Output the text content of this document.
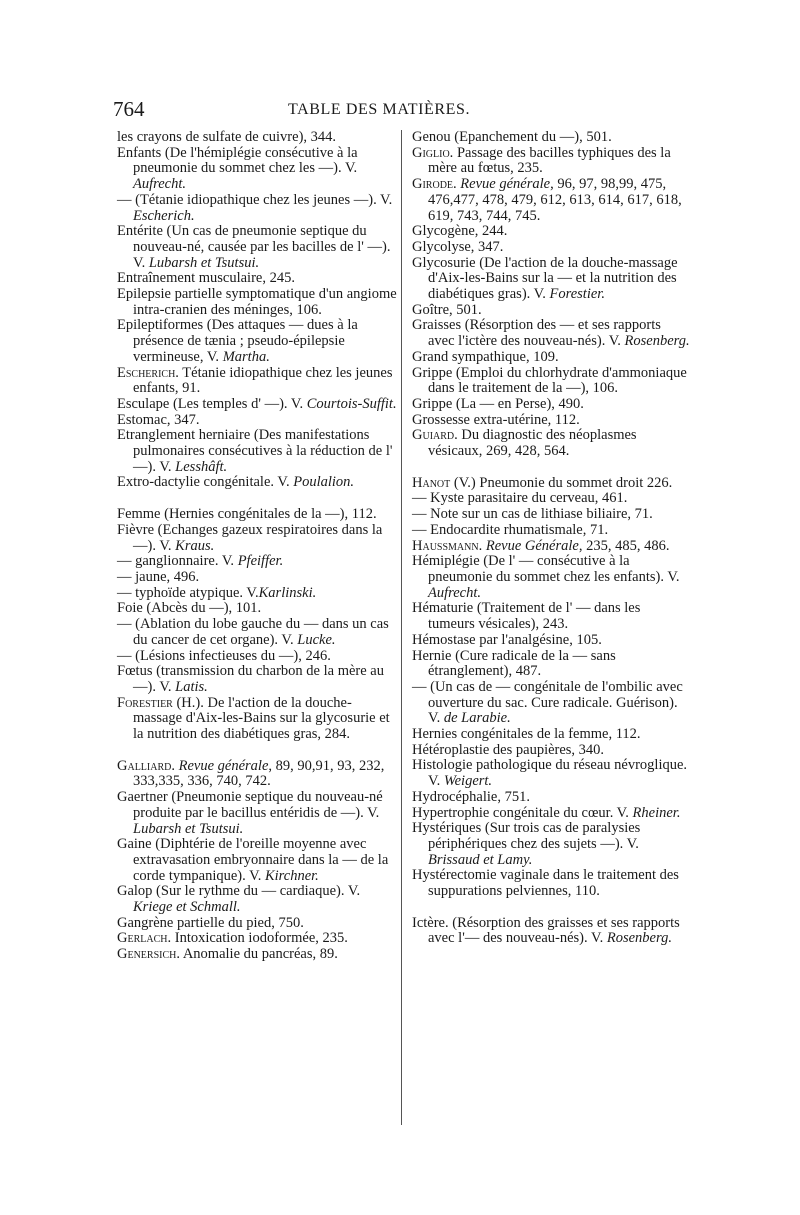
764	TABLE DES MATIÈRES.

les crayons de sulfate de cuivre), 344.

Enfants (De l'hémiplégie consécutive à la pneumonie du sommet chez les —). V. Aufrecht.

— (Tétanie idiopathique chez les jeunes —). V. Escherich.

Entérite (Un cas de pneumonie septique du nouveau-né, causée par les bacilles de l' —). V. Lubarsh et Tsutsui.

Entraînement musculaire, 245.

Epilepsie partielle symptomatique d'un angiome intra-cranien des méninges, 106.

Epileptiformes (Des attaques — dues à la présence de tænia ; pseudo-épilepsie vermineuse, V. Martha.

Escherich. Tétanie idiopathique chez les jeunes enfants, 91.

Esculape (Les temples d' —). V. Courtois-Suffit.

Estomac, 347.

Etranglement herniaire (Des manifestations pulmonaires consécutives à la réduction de l' —). V. Lesshâft.

Extro-dactylie congénitale. V. Poulalion.

Femme (Hernies congénitales de la —), 112.

Fièvre (Echanges gazeux respiratoires dans la —). V. Kraus.

— ganglionnaire. V. Pfeiffer.

— jaune, 496.

— typhoïde atypique. V.Karlinski.

Foie (Abcès du —), 101.

— (Ablation du lobe gauche du — dans un cas du cancer de cet organe). V. Lucke.

— (Lésions infectieuses du —), 246.

Fœtus (transmission du charbon de la mère au —). V. Latis.

Forestier (H.). De l'action de la douche-massage d'Aix-les-Bains sur la glycosurie et la nutrition des diabétiques gras, 284.

Galliard. Revue générale, 89, 90,91, 93, 232, 333,335, 336, 740, 742.

Gaertner (Pneumonie septique du nouveau-né produite par le bacillus entéridis de —). V. Lubarsh et Tsutsui.

Gaine (Diphtérie de l'oreille moyenne avec extravasation embryonnaire dans la — de la corde tympanique). V. Kirchner.

Galop (Sur le rythme du — cardiaque). V. Kriege et Schmall.

Gangrène partielle du pied, 750.

Gerlach. Intoxication iodoformée, 235.

Genersich. Anomalie du pancréas, 89.

Genou (Epanchement du —), 501.

Giglio. Passage des bacilles typhiques des la mère au fœtus, 235.

Girode. Revue générale, 96, 97, 98,99, 475, 476,477, 478, 479, 612, 613, 614, 617, 618, 619, 743, 744, 745.

Glycogène, 244.

Glycolyse, 347.

Glycosurie (De l'action de la douche-massage d'Aix-les-Bains sur la — et la nutrition des diabétiques gras). V. Forestier.

Goître, 501.

Graisses (Résorption des — et ses rapports avec l'ictère des nouveau-nés). V. Rosenberg.

Grand sympathique, 109.

Grippe (Emploi du chlorhydrate d'ammoniaque dans le traitement de la —), 106.

Grippe (La — en Perse), 490.

Grossesse extra-utérine, 112.

Guiard. Du diagnostic des néoplasmes vésicaux, 269, 428, 564.

Hanot (V.) Pneumonie du sommet droit 226.

— Kyste parasitaire du cerveau, 461.

— Note sur un cas de lithiase biliaire, 71.

— Endocardite rhumatismale, 71.

Haussmann. Revue Générale, 235, 485, 486.

Hémiplégie (De l' — consécutive à la pneumonie du sommet chez les enfants). V. Aufrecht.

Hématurie (Traitement de l' — dans les tumeurs vésicales), 243.

Hémostase par l'analgésine, 105.

Hernie (Cure radicale de la — sans étranglement), 487.

— (Un cas de — congénitale de l'ombilic avec ouverture du sac. Cure radicale. Guérison). V. de Larabie.

Hernies congénitales de la femme, 112.

Hétéroplastie des paupières, 340.

Histologie pathologique du réseau névroglique. V. Weigert.

Hydrocéphalie, 751.

Hypertrophie congénitale du cœur. V. Rheiner.

Hystériques (Sur trois cas de paralysies périphériques chez des sujets —). V. Brissaud et Lamy.

Hystérectomie vaginale dans le traitement des suppurations pelviennes, 110.

Ictère. (Résorption des graisses et ses rapports avec l'— des nouveau-nés). V. Rosenberg.
